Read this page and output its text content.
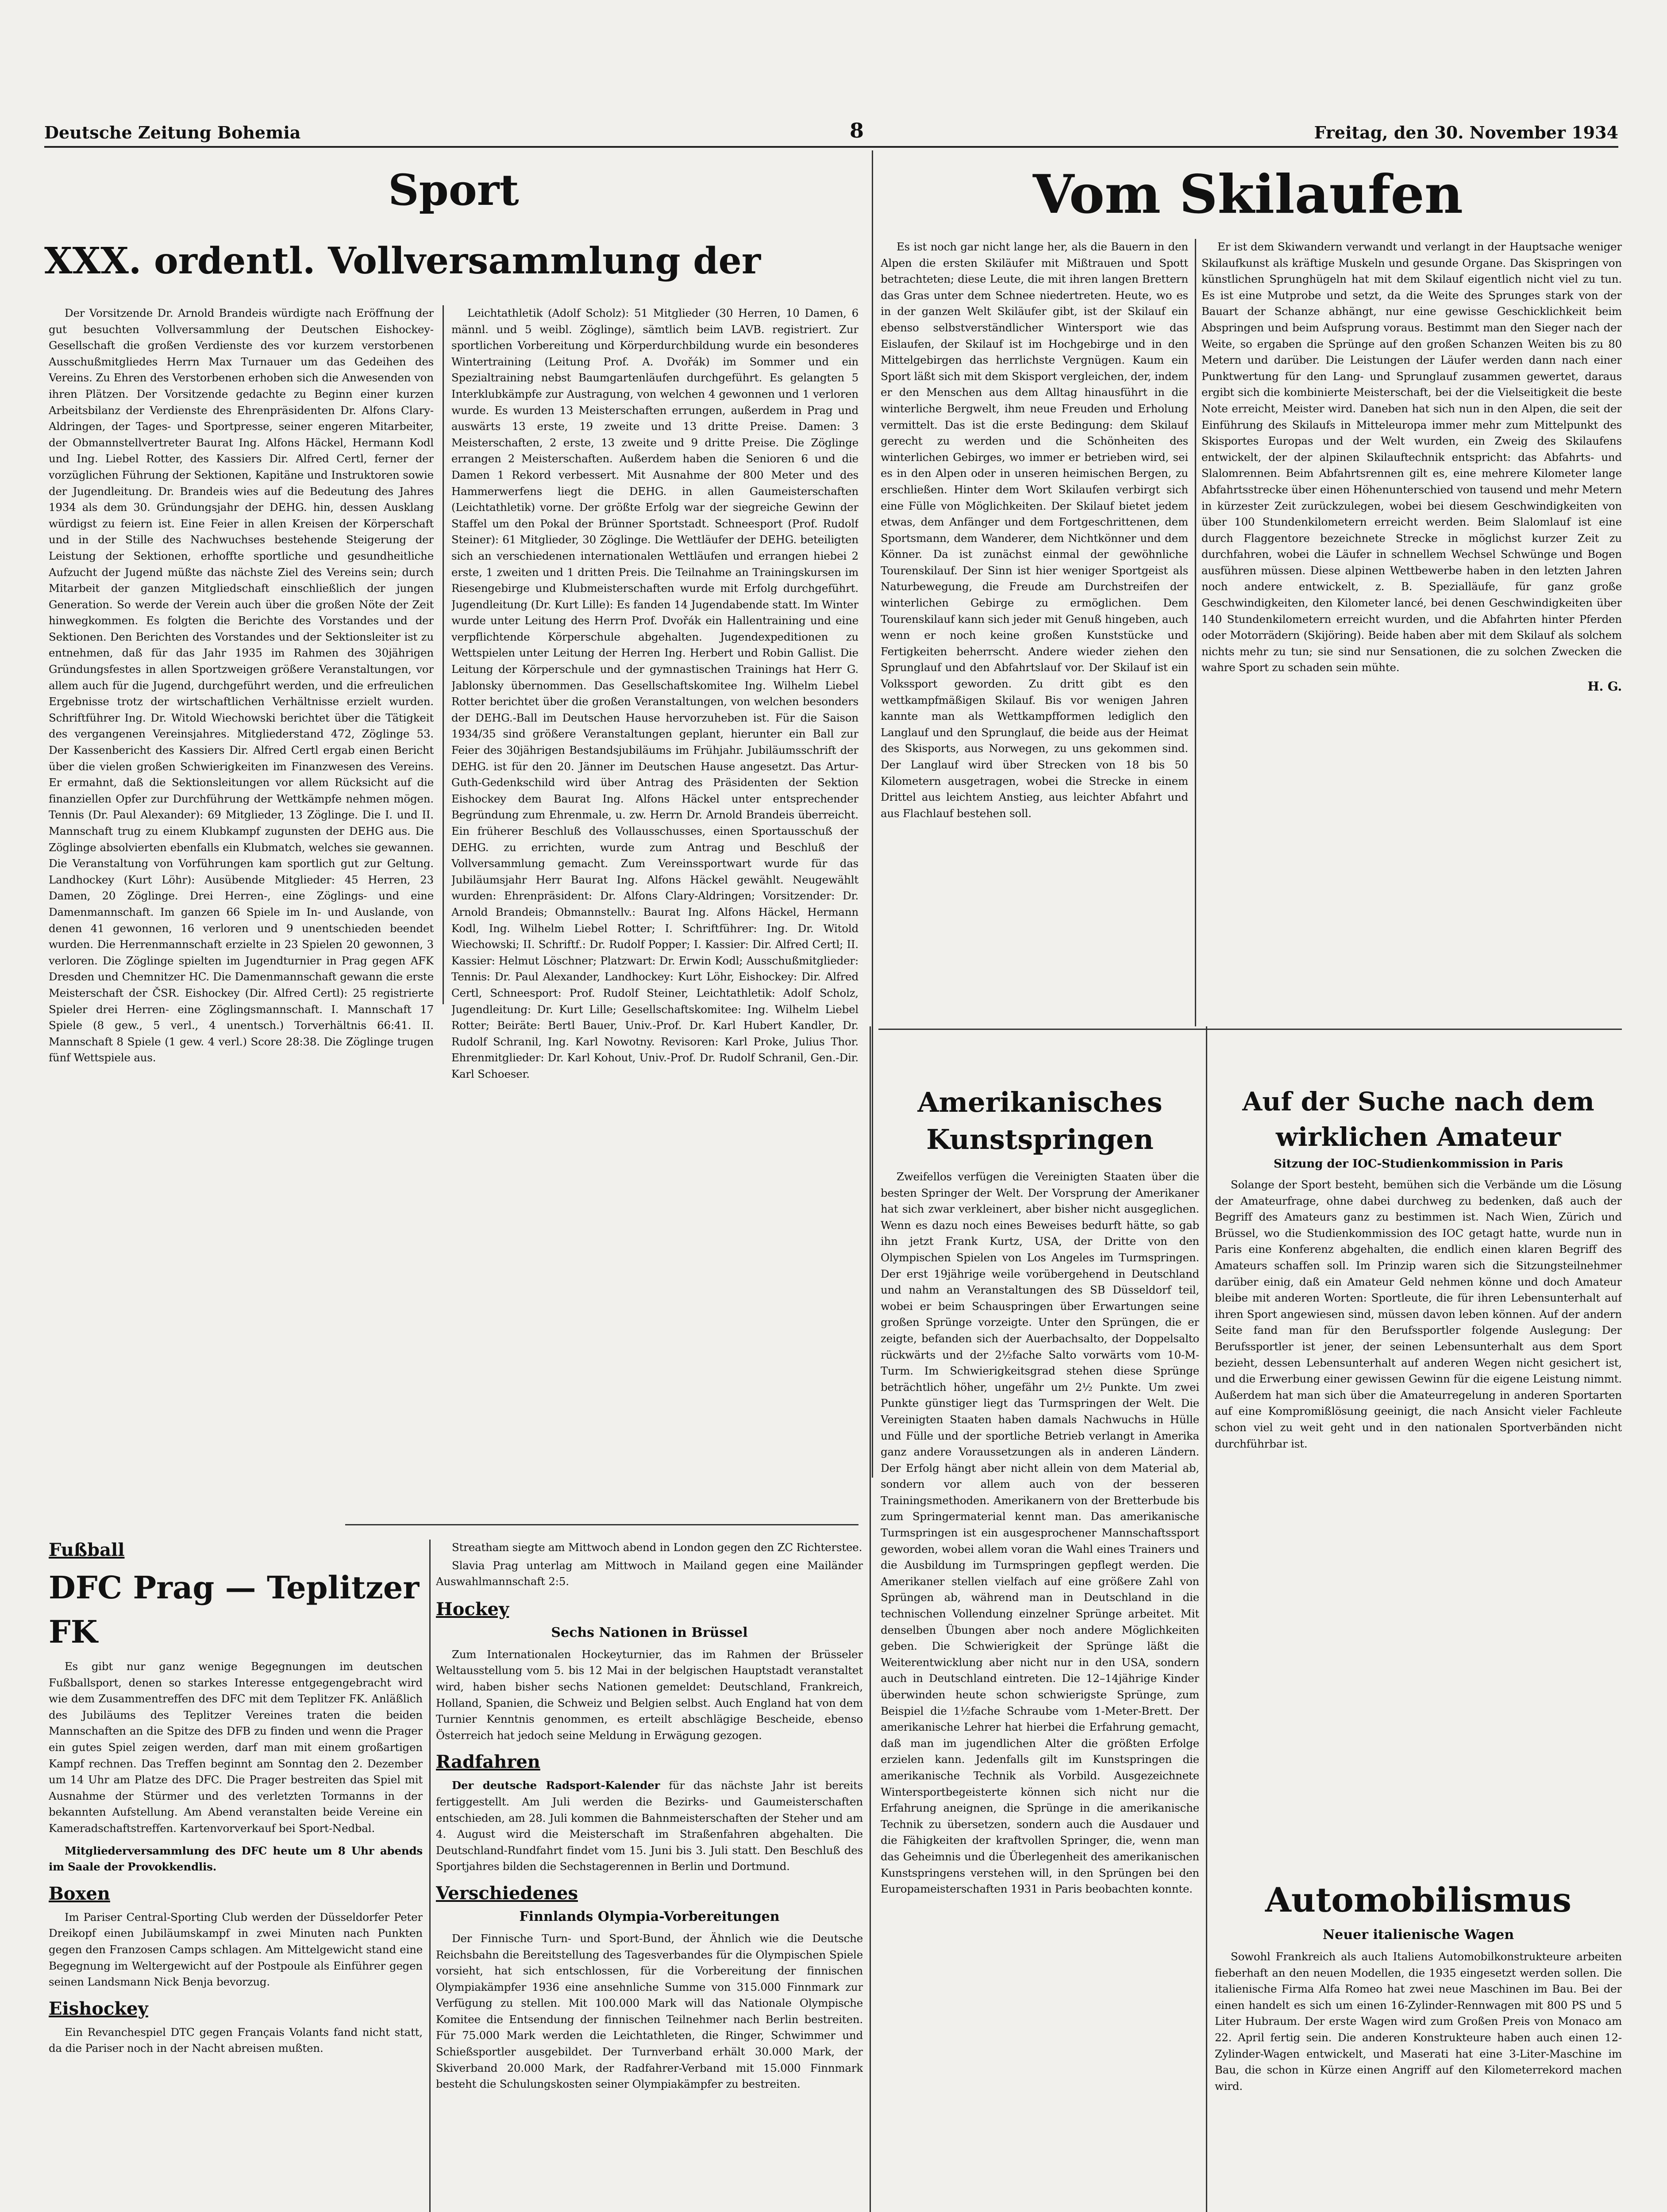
Deutsche Zeitung Bohemia	8	Freitag, den 30. November 1934
Sport
XXX. ordentl. Vollversammlung der

Der Vorsitzende Dr. Arnold Brandeis würdigte nach Eröffnung der gut besuchten Vollversammlung der Deutschen Eishockey-Gesellschaft die großen Verdienste des vor kurzem verstorbenen Ausschußmitgliedes Herrn Max Turnauer um das Gedeihen des Vereins. Zu Ehren des Verstorbenen erhoben sich die Anwesenden von ihren Plätzen. Der Vorsitzende gedachte zu Beginn einer kurzen Arbeitsbilanz der Verdienste des Ehrenpräsidenten Dr. Alfons Clary-Aldringen, der Tages- und Sportpresse, seiner engeren Mitarbeiter, der Obmannstellvertreter Baurat Ing. Alfons Häckel, Hermann Kodl und Ing. Liebel Rotter, des Kassiers Dir. Alfred Certl, ferner der vorzüglichen Führung der Sektionen, Kapitäne und Instruktoren sowie der Jugendleitung. Dr. Brandeis wies auf die Bedeutung des Jahres 1934 als dem 30. Gründungsjahr der DEHG. hin, dessen Ausklang würdigst zu feiern ist. Eine Feier in allen Kreisen der Körperschaft und in der Stille des Nachwuchses bestehende Steigerung der Leistung der Sektionen, erhoffte sportliche und gesundheitliche Aufzucht der Jugend müßte das nächste Ziel des Vereins sein; durch Mitarbeit der ganzen Mitgliedschaft einschließlich der jungen Generation. So werde der Verein auch über die großen Nöte der Zeit hinwegkommen. Es folgten die Berichte des Vorstandes und der Sektionen. Den Berichten des Vorstandes und der Sektionsleiter ist zu entnehmen, daß für das Jahr 1935 im Rahmen des 30jährigen Gründungsfestes in allen Sportzweigen größere Veranstaltungen, vor allem auch für die Jugend, durchgeführt werden, und die erfreulichen Ergebnisse trotz der wirtschaftlichen Verhältnisse erzielt wurden. Schriftführer Ing. Dr. Witold Wiechowski berichtet über die Tätigkeit des vergangenen Vereinsjahres. Mitgliederstand 472, Zöglinge 53. Der Kassenbericht des Kassiers Dir. Alfred Certl ergab einen Bericht über die vielen großen Schwierigkeiten im Finanzwesen des Vereins. Er ermahnt, daß die Sektionsleitungen vor allem Rücksicht auf die finanziellen Opfer zur Durchführung der Wettkämpfe nehmen mögen. Tennis (Dr. Paul Alexander): 69 Mitglieder, 13 Zöglinge. Die I. und II. Mannschaft trug zu einem Klubkampf zugunsten der DEHG aus. Die Zöglinge absolvierten ebenfalls ein Klubmatch, welches sie gewannen. Die Veranstaltung von Vorführungen kam sportlich gut zur Geltung. Landhockey (Kurt Löhr): Ausübende Mitglieder: 45 Herren, 23 Damen, 20 Zöglinge. Drei Herren-, eine Zöglings- und eine Damenmannschaft. Im ganzen 66 Spiele im In- und Auslande, von denen 41 gewonnen, 16 verloren und 9 unentschieden beendet wurden. Die Herrenmannschaft erzielte in 23 Spielen 20 gewonnen, 3 verloren. Die Zöglinge spielten im Jugendturnier in Prag gegen AFK Dresden und Chemnitzer HC. Die Damenmannschaft gewann die erste Meisterschaft der ČSR. Eishockey (Dir. Alfred Certl): 25 registrierte Spieler drei Herren- eine Zöglingsmannschaft. I. Mannschaft 17 Spiele (8 gew., 5 verl., 4 unentsch.) Torverhältnis 66:41. II. Mannschaft 8 Spiele (1 gew. 4 verl.) Score 28:38. Die Zöglinge trugen fünf Wettspiele aus.

Leichtathletik (Adolf Scholz): 51 Mitglieder (30 Herren, 10 Damen, 6 männl. und 5 weibl. Zöglinge), sämtlich beim LAVB. registriert. Zur sportlichen Vorbereitung und Körperdurchbildung wurde ein besonderes Wintertraining (Leitung Prof. A. Dvořák) im Sommer und ein Spezialtraining nebst Baumgartenläufen durchgeführt. Es gelangten 5 Interklubkämpfe zur Austragung, von welchen 4 gewonnen und 1 verloren wurde. Es wurden 13 Meisterschaften errungen, außerdem in Prag und auswärts 13 erste, 19 zweite und 13 dritte Preise. Damen: 3 Meisterschaften, 2 erste, 13 zweite und 9 dritte Preise. Die Zöglinge errangen 2 Meisterschaften. Außerdem haben die Senioren 6 und die Damen 1 Rekord verbessert. Mit Ausnahme der 800 Meter und des Hammerwerfens liegt die DEHG. in allen Gaumeisterschaften (Leichtathletik) vorne. Der größte Erfolg war der siegreiche Gewinn der Staffel um den Pokal der Brünner Sportstadt. Schneesport (Prof. Rudolf Steiner): 61 Mitglieder, 30 Zöglinge. Die Wettläufer der DEHG. beteiligten sich an verschiedenen internationalen Wettläufen und errangen hiebei 2 erste, 1 zweiten und 1 dritten Preis. Die Teilnahme an Trainingskursen im Riesengebirge und Klubmeisterschaften wurde mit Erfolg durchgeführt. Jugendleitung (Dr. Kurt Lille): Es fanden 14 Jugendabende statt. Im Winter wurde unter Leitung des Herrn Prof. Dvořák ein Hallentraining und eine verpflichtende Körperschule abgehalten. Jugendexpeditionen zu Wettspielen unter Leitung der Herren Ing. Herbert und Robin Gallist. Die Leitung der Körperschule und der gymnastischen Trainings hat Herr G. Jablonsky übernommen. Das Gesellschaftskomitee Ing. Wilhelm Liebel Rotter berichtet über die großen Veranstaltungen, von welchen besonders der DEHG.-Ball im Deutschen Hause hervorzuheben ist. Für die Saison 1934/35 sind größere Veranstaltungen geplant, hierunter ein Ball zur Feier des 30jährigen Bestandsjubiläums im Frühjahr. Jubiläumsschrift der DEHG. ist für den 20. Jänner im Deutschen Hause angesetzt. Das Artur-Guth-Gedenkschild wird über Antrag des Präsidenten der Sektion Eishockey dem Baurat Ing. Alfons Häckel unter entsprechender Begründung zum Ehrenmale, u. zw. Herrn Dr. Arnold Brandeis überreicht. Ein früherer Beschluß des Vollausschusses, einen Sportausschuß der DEHG. zu errichten, wurde zum Antrag und Beschluß der Vollversammlung gemacht. Zum Vereinssportwart wurde für das Jubiläumsjahr Herr Baurat Ing. Alfons Häckel gewählt. Neugewählt wurden: Ehrenpräsident: Dr. Alfons Clary-Aldringen; Vorsitzender: Dr. Arnold Brandeis; Obmannstellv.: Baurat Ing. Alfons Häckel, Hermann Kodl, Ing. Wilhelm Liebel Rotter; I. Schriftführer: Ing. Dr. Witold Wiechowski; II. Schriftf.: Dr. Rudolf Popper; I. Kassier: Dir. Alfred Certl; II. Kassier: Helmut Löschner; Platzwart: Dr. Erwin Kodl; Ausschußmitglieder: Tennis: Dr. Paul Alexander, Landhockey: Kurt Löhr, Eishockey: Dir. Alfred Certl, Schneesport: Prof. Rudolf Steiner, Leichtathletik: Adolf Scholz, Jugendleitung: Dr. Kurt Lille; Gesellschaftskomitee: Ing. Wilhelm Liebel Rotter; Beiräte: Bertl Bauer, Univ.-Prof. Dr. Karl Hubert Kandler, Dr. Rudolf Schranil, Ing. Karl Nowotny. Revisoren: Karl Proke, Julius Thor. Ehrenmitglieder: Dr. Karl Kohout, Univ.-Prof. Dr. Rudolf Schranil, Gen.-Dir. Karl Schoeser.

Fußball
DFC Prag — Teplitzer FK

Es gibt nur ganz wenige Begegnungen im deutschen Fußballsport, denen so starkes Interesse entgegengebracht wird wie dem Zusammentreffen des DFC mit dem Teplitzer FK. Anläßlich des Jubiläums des Teplitzer Vereines traten die beiden Mannschaften an die Spitze des DFB zu finden und wenn die Prager ein gutes Spiel zeigen werden, darf man mit einem großartigen Kampf rechnen. Das Treffen beginnt am Sonntag den 2. Dezember um 14 Uhr am Platze des DFC. Die Prager bestreiten das Spiel mit Ausnahme der Stürmer und des verletzten Tormanns in der bekannten Aufstellung. Am Abend veranstalten beide Vereine ein Kameradschaftstreffen. Kartenvorverkauf bei Sport-Nedbal.

Mitgliederversammlung des DFC heute um 8 Uhr abends im Saale der Provokkendlis.

Boxen

Im Pariser Central-Sporting Club werden der Düsseldorfer Peter Dreikopf einen Jubiläumskampf in zwei Minuten nach Punkten gegen den Franzosen Camps schlagen. Am Mittelgewicht stand eine Begegnung im Weltergewicht auf der Postpoule als Einführer gegen seinen Landsmann Nick Benja bevorzug.

Eishockey

Ein Revanchespiel DTC gegen Français Volants fand nicht statt, da die Pariser noch in der Nacht abreisen mußten.

Streatham siegte am Mittwoch abend in London gegen den ZC Richterstee.

Slavia Prag unterlag am Mittwoch in Mailand gegen eine Mailänder Auswahlmannschaft 2:5.

Hockey
Sechs Nationen in Brüssel

Zum Internationalen Hockeyturnier, das im Rahmen der Brüsseler Weltausstellung vom 5. bis 12 Mai in der belgischen Hauptstadt veranstaltet wird, haben bisher sechs Nationen gemeldet: Deutschland, Frankreich, Holland, Spanien, die Schweiz und Belgien selbst. Auch England hat von dem Turnier Kenntnis genommen, es erteilt abschlägige Bescheide, ebenso Österreich hat jedoch seine Meldung in Erwägung gezogen.

Radfahren

Der deutsche Radsport-Kalender für das nächste Jahr ist bereits fertiggestellt. Am Juli werden die Bezirks- und Gaumeisterschaften entschieden, am 28. Juli kommen die Bahnmeisterschaften der Steher und am 4. August wird die Meisterschaft im Straßenfahren abgehalten. Die Deutschland-Rundfahrt findet vom 15. Juni bis 3. Juli statt. Den Beschluß des Sportjahres bilden die Sechstagerennen in Berlin und Dortmund.

Verschiedenes
Finnlands Olympia-Vorbereitungen

Der Finnische Turn- und Sport-Bund, der Ähnlich wie die Deutsche Reichsbahn die Bereitstellung des Tagesverbandes für die Olympischen Spiele vorsieht, hat sich entschlossen, für die Vorbereitung der finnischen Olympiakämpfer 1936 eine ansehnliche Summe von 315.000 Finnmark zur Verfügung zu stellen. Mit 100.000 Mark will das Nationale Olympische Komitee die Entsendung der finnischen Teilnehmer nach Berlin bestreiten. Für 75.000 Mark werden die Leichtathleten, die Ringer, Schwimmer und Schießsportler ausgebildet. Der Turnverband erhält 30.000 Mark, der Skiverband 20.000 Mark, der Radfahrer-Verband mit 15.000 Finnmark besteht die Schulungskosten seiner Olympiakämpfer zu bestreiten.

Vom Skilaufen

Es ist noch gar nicht lange her, als die Bauern in den Alpen die ersten Skiläufer mit Mißtrauen und Spott betrachteten; diese Leute, die mit ihren langen Brettern das Gras unter dem Schnee niedertreten. Heute, wo es in der ganzen Welt Skiläufer gibt, ist der Skilauf ein ebenso selbstverständlicher Wintersport wie das Eislaufen, der Skilauf ist im Hochgebirge und in den Mittelgebirgen das herrlichste Vergnügen. Kaum ein Sport läßt sich mit dem Skisport vergleichen, der, indem er den Menschen aus dem Alltag hinausführt in die winterliche Bergwelt, ihm neue Freuden und Erholung vermittelt. Das ist die erste Bedingung: dem Skilauf gerecht zu werden und die Schönheiten des winterlichen Gebirges, wo immer er betrieben wird, sei es in den Alpen oder in unseren heimischen Bergen, zu erschließen. Hinter dem Wort Skilaufen verbirgt sich eine Fülle von Möglichkeiten. Der Skilauf bietet jedem etwas, dem Anfänger und dem Fortgeschrittenen, dem Sportsmann, dem Wanderer, dem Nichtkönner und dem Könner. Da ist zunächst einmal der gewöhnliche Tourenskilauf. Der Sinn ist hier weniger Sportgeist als Naturbewegung, die Freude am Durchstreifen der winterlichen Gebirge zu ermöglichen. Dem Tourenskilauf kann sich jeder mit Genuß hingeben, auch wenn er noch keine großen Kunststücke und Fertigkeiten beherrscht. Andere wieder ziehen den Sprunglauf und den Abfahrtslauf vor. Der Skilauf ist ein Volkssport geworden. Zu dritt gibt es den wettkampfmäßigen Skilauf. Bis vor wenigen Jahren kannte man als Wettkampfformen lediglich den Langlauf und den Sprunglauf, die beide aus der Heimat des Skisports, aus Norwegen, zu uns gekommen sind. Der Langlauf wird über Strecken von 18 bis 50 Kilometern ausgetragen, wobei die Strecke in einem Drittel aus leichtem Anstieg, aus leichter Abfahrt und aus Flachlauf bestehen soll.

Er ist dem Skiwandern verwandt und verlangt in der Hauptsache weniger Skilaufkunst als kräftige Muskeln und gesunde Organe. Das Skispringen von künstlichen Sprunghügeln hat mit dem Skilauf eigentlich nicht viel zu tun. Es ist eine Mutprobe und setzt, da die Weite des Sprunges stark von der Bauart der Schanze abhängt, nur eine gewisse Geschicklichkeit beim Abspringen und beim Aufsprung voraus. Bestimmt man den Sieger nach der Weite, so ergaben die Sprünge auf den großen Schanzen Weiten bis zu 80 Metern und darüber. Die Leistungen der Läufer werden dann nach einer Punktwertung für den Lang- und Sprunglauf zusammen gewertet, daraus ergibt sich die kombinierte Meisterschaft, bei der die Vielseitigkeit die beste Note erreicht, Meister wird. Daneben hat sich nun in den Alpen, die seit der Einführung des Skilaufs in Mitteleuropa immer mehr zum Mittelpunkt des Skisportes Europas und der Welt wurden, ein Zweig des Skilaufens entwickelt, der der alpinen Skilauftechnik entspricht: das Abfahrts- und Slalomrennen. Beim Abfahrtsrennen gilt es, eine mehrere Kilometer lange Abfahrtsstrecke über einen Höhenunterschied von tausend und mehr Metern in kürzester Zeit zurückzulegen, wobei bei diesem Geschwindigkeiten von über 100 Stundenkilometern erreicht werden. Beim Slalomlauf ist eine durch Flaggentore bezeichnete Strecke in möglichst kurzer Zeit zu durchfahren, wobei die Läufer in schnellem Wechsel Schwünge und Bogen ausführen müssen. Diese alpinen Wettbewerbe haben in den letzten Jahren noch andere entwickelt, z. B. Spezialläufe, für ganz große Geschwindigkeiten, den Kilometer lancé, bei denen Geschwindigkeiten über 140 Stundenkilometern erreicht wurden, und die Abfahrten hinter Pferden oder Motorrädern (Skijöring). Beide haben aber mit dem Skilauf als solchem nichts mehr zu tun; sie sind nur Sensationen, die zu solchen Zwecken die wahre Sport zu schaden sein mühte.

H. G.
Amerikanisches Kunstspringen

Zweifellos verfügen die Vereinigten Staaten über die besten Springer der Welt. Der Vorsprung der Amerikaner hat sich zwar verkleinert, aber bisher nicht ausgeglichen. Wenn es dazu noch eines Beweises bedurft hätte, so gab ihn jetzt Frank Kurtz, USA, der Dritte von den Olympischen Spielen von Los Angeles im Turmspringen. Der erst 19jährige weile vorübergehend in Deutschland und nahm an Veranstaltungen des SB Düsseldorf teil, wobei er beim Schauspringen über Erwartungen seine großen Sprünge vorzeigte. Unter den Sprüngen, die er zeigte, befanden sich der Auerbachsalto, der Doppelsalto rückwärts und der 2½fache Salto vorwärts vom 10-M-Turm. Im Schwierigkeitsgrad stehen diese Sprünge beträchtlich höher, ungefähr um 2½ Punkte. Um zwei Punkte günstiger liegt das Turmspringen der Welt. Die Vereinigten Staaten haben damals Nachwuchs in Hülle und Fülle und der sportliche Betrieb verlangt in Amerika ganz andere Voraussetzungen als in anderen Ländern. Der Erfolg hängt aber nicht allein von dem Material ab, sondern vor allem auch von der besseren Trainingsmethoden. Amerikanern von der Bretterbude bis zum Springermaterial kennt man. Das amerikanische Turmspringen ist ein ausgesprochener Mannschaftssport geworden, wobei allem voran die Wahl eines Trainers und die Ausbildung im Turmspringen gepflegt werden. Die Amerikaner stellen vielfach auf eine größere Zahl von Sprüngen ab, während man in Deutschland in die technischen Vollendung einzelner Sprünge arbeitet. Mit denselben Übungen aber noch andere Möglichkeiten geben. Die Schwierigkeit der Sprünge läßt die Weiterentwicklung aber nicht nur in den USA, sondern auch in Deutschland eintreten. Die 12–14jährige Kinder überwinden heute schon schwierigste Sprünge, zum Beispiel die 1½fache Schraube vom 1-Meter-Brett. Der amerikanische Lehrer hat hierbei die Erfahrung gemacht, daß man im jugendlichen Alter die größten Erfolge erzielen kann. Jedenfalls gilt im Kunstspringen die amerikanische Technik als Vorbild. Ausgezeichnete Wintersportbegeisterte können sich nicht nur die Erfahrung aneignen, die Sprünge in die amerikanische Technik zu übersetzen, sondern auch die Ausdauer und die Fähigkeiten der kraftvollen Springer, die, wenn man das Geheimnis und die Überlegenheit des amerikanischen Kunstspringens verstehen will, in den Sprüngen bei den Europameisterschaften 1931 in Paris beobachten konnte.

Auf der Suche nach dem wirklichen Amateur
Sitzung der IOC-Studienkommission in Paris

Solange der Sport besteht, bemühen sich die Verbände um die Lösung der Amateurfrage, ohne dabei durchweg zu bedenken, daß auch der Begriff des Amateurs ganz zu bestimmen ist. Nach Wien, Zürich und Brüssel, wo die Studienkommission des IOC getagt hatte, wurde nun in Paris eine Konferenz abgehalten, die endlich einen klaren Begriff des Amateurs schaffen soll. Im Prinzip waren sich die Sitzungsteilnehmer darüber einig, daß ein Amateur Geld nehmen könne und doch Amateur bleibe mit anderen Worten: Sportleute, die für ihren Lebensunterhalt auf ihren Sport angewiesen sind, müssen davon leben können. Auf der andern Seite fand man für den Berufssportler folgende Auslegung: Der Berufssportler ist jener, der seinen Lebensunterhalt aus dem Sport bezieht, dessen Lebensunterhalt auf anderen Wegen nicht gesichert ist, und die Erwerbung einer gewissen Gewinn für die eigene Leistung nimmt. Außerdem hat man sich über die Amateurregelung in anderen Sportarten auf eine Kompromißlösung geeinigt, die nach Ansicht vieler Fachleute schon viel zu weit geht und in den nationalen Sportverbänden nicht durchführbar ist.

Automobilismus
Neuer italienische Wagen

Sowohl Frankreich als auch Italiens Automobilkonstrukteure arbeiten fieberhaft an den neuen Modellen, die 1935 eingesetzt werden sollen. Die italienische Firma Alfa Romeo hat zwei neue Maschinen im Bau. Bei der einen handelt es sich um einen 16-Zylinder-Rennwagen mit 800 PS und 5 Liter Hubraum. Der erste Wagen wird zum Großen Preis von Monaco am 22. April fertig sein. Die anderen Konstrukteure haben auch einen 12-Zylinder-Wagen entwickelt, und Maserati hat eine 3-Liter-Maschine im Bau, die schon in Kürze einen Angriff auf den Kilometerrekord machen wird.
